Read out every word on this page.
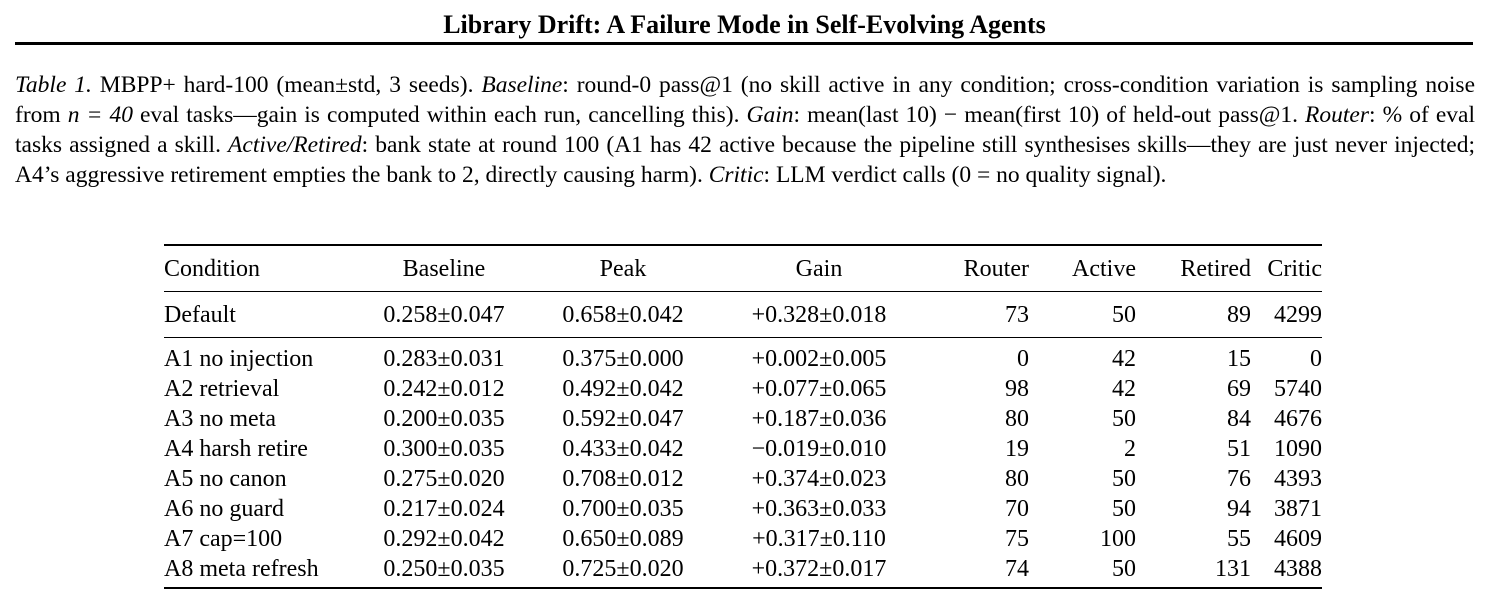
Library Drift: A Failure Mode in Self-Evolving Agents
Table 1. MBPP+ hard-100 (mean±std, 3 seeds). Baseline: round-0 pass@1 (no skill active in any condition; cross-condition variation is sampling noise from n = 40 eval tasks—gain is computed within each run, cancelling this). Gain: mean(last 10) − mean(first 10) of held-out pass@1. Router: % of eval tasks assigned a skill. Active/Retired: bank state at round 100 (A1 has 42 active because the pipeline still synthesises skills—they are just never injected; A4’s aggressive retirement empties the bank to 2, directly causing harm). Critic: LLM verdict calls (0 = no quality signal).
Condition	Baseline	Peak	Gain	Router	Active	Retired	Critic
Default	0.258±0.047	0.658±0.042	+0.328±0.018	73	50	89	4299
A1 no injection	0.283±0.031	0.375±0.000	+0.002±0.005	0	42	15	0
A2 retrieval	0.242±0.012	0.492±0.042	+0.077±0.065	98	42	69	5740
A3 no meta	0.200±0.035	0.592±0.047	+0.187±0.036	80	50	84	4676
A4 harsh retire	0.300±0.035	0.433±0.042	−0.019±0.010	19	2	51	1090
A5 no canon	0.275±0.020	0.708±0.012	+0.374±0.023	80	50	76	4393
A6 no guard	0.217±0.024	0.700±0.035	+0.363±0.033	70	50	94	3871
A7 cap=100	0.292±0.042	0.650±0.089	+0.317±0.110	75	100	55	4609
A8 meta refresh	0.250±0.035	0.725±0.020	+0.372±0.017	74	50	131	4388
